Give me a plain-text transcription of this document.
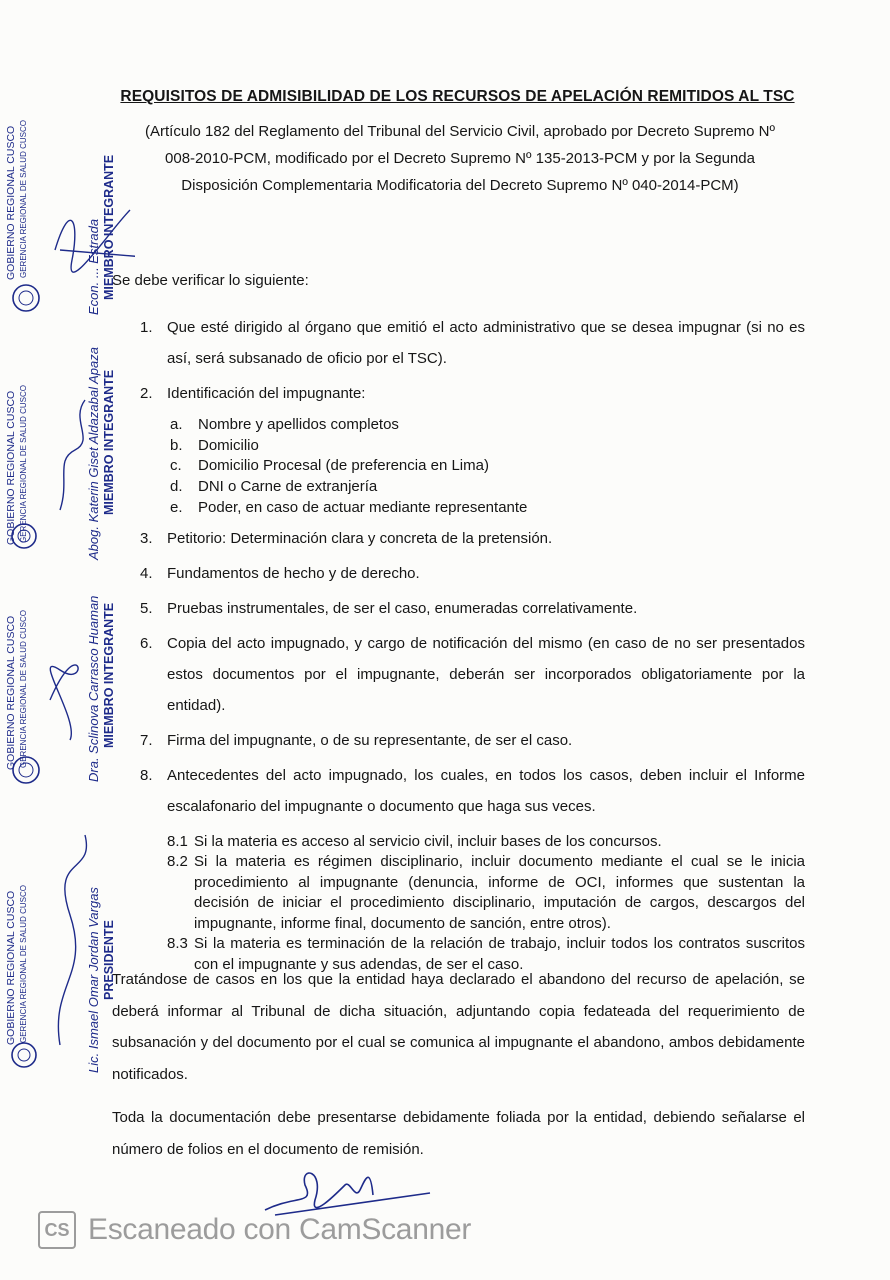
REQUISITOS DE ADMISIBILIDAD DE LOS RECURSOS DE APELACIÓN REMITIDOS AL TSC
(Artículo 182 del Reglamento del Tribunal del Servicio Civil, aprobado por Decreto Supremo Nº 008-2010-PCM, modificado por el Decreto Supremo Nº 135-2013-PCM y por la Segunda Disposición Complementaria Modificatoria del Decreto Supremo Nº 040-2014-PCM)
Se debe verificar lo siguiente:
1. Que esté dirigido al órgano que emitió el acto administrativo que se desea impugnar (si no es así, será subsanado de oficio por el TSC).
2. Identificación del impugnante:
a. Nombre y apellidos completos
b. Domicilio
c. Domicilio Procesal (de preferencia en Lima)
d. DNI o Carne de extranjería
e. Poder, en caso de actuar mediante representante
3. Petitorio: Determinación clara y concreta de la pretensión.
4. Fundamentos de hecho y de derecho.
5. Pruebas instrumentales, de ser el caso, enumeradas correlativamente.
6. Copia del acto impugnado, y cargo de notificación del mismo (en caso de no ser presentados estos documentos por el impugnante, deberán ser incorporados obligatoriamente por la entidad).
7. Firma del impugnante, o de su representante, de ser el caso.
8. Antecedentes del acto impugnado, los cuales, en todos los casos, deben incluir el Informe escalafonario del impugnante o documento que haga sus veces.
8.1 Si la materia es acceso al servicio civil, incluir bases de los concursos.
8.2 Si la materia es régimen disciplinario, incluir documento mediante el cual se le inicia procedimiento al impugnante (denuncia, informe de OCI, informes que sustentan la decisión de iniciar el procedimiento disciplinario, imputación de cargos, descargos del impugnante, informe final, documento de sanción, entre otros).
8.3 Si la materia es terminación de la relación de trabajo, incluir todos los contratos suscritos con el impugnante y sus adendas, de ser el caso.
Tratándose de casos en los que la entidad haya declarado el abandono del recurso de apelación, se deberá informar al Tribunal de dicha situación, adjuntando copia fedateada del requerimiento de subsanación y del documento por el cual se comunica al impugnante el abandono, ambos debidamente notificados.
Toda la documentación debe presentarse debidamente foliada por la entidad, debiendo señalarse el número de folios en el documento de remisión.
GOBIERNO REGIONAL CUSCO GERENCIA REGIONAL DE SALUD CUSCO	Econ. ... Estrada MIEMBRO INTEGRANTE
GOBIERNO REGIONAL CUSCO GERENCIA REGIONAL DE SALUD CUSCO	Abog. Katerin Giset Aldazabal Apaza MIEMBRO INTEGRANTE
GOBIERNO REGIONAL CUSCO GERENCIA REGIONAL DE SALUD CUSCO	Dra. Sclinova Carrasco Huaman MIEMBRO INTEGRANTE
GOBIERNO REGIONAL CUSCO GERENCIA REGIONAL DE SALUD CUSCO	Lic. Ismael Omar Jordan Vargas PRESIDENTE
CS Escaneado con CamScanner
